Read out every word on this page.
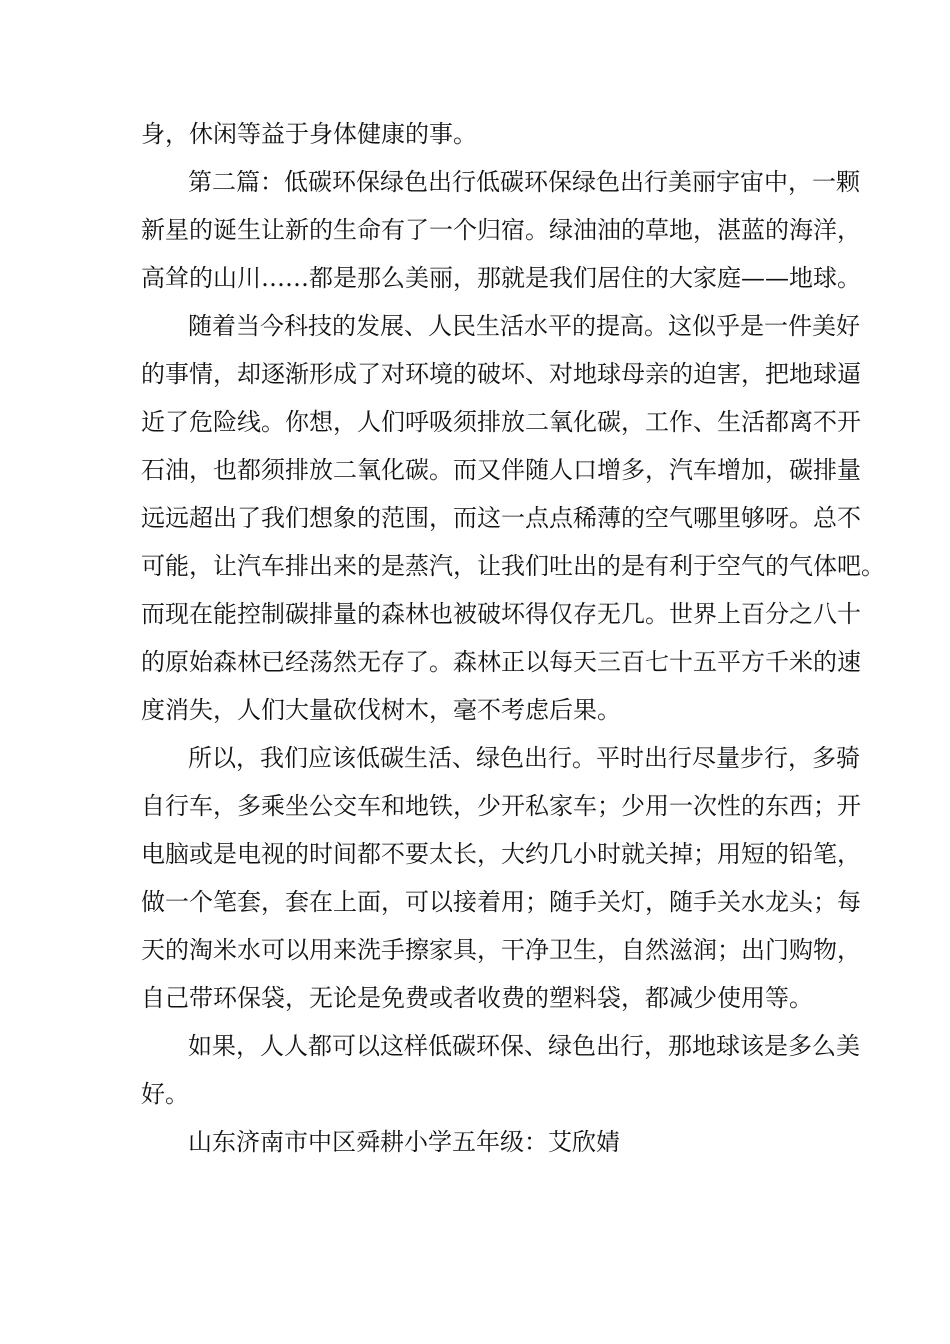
身，休闲等益于身体健康的事。
第二篇：低碳环保绿色出行低碳环保绿色出行美丽宇宙中，一颗
新星的诞生让新的生命有了一个归宿。绿油油的草地，湛蓝的海洋，
高耸的山川……都是那么美丽，那就是我们居住的大家庭——地球。
随着当今科技的发展、人民生活水平的提高。这似乎是一件美好
的事情，却逐渐形成了对环境的破坏、对地球母亲的迫害，把地球逼
近了危险线。你想，人们呼吸须排放二氧化碳，工作、生活都离不开
石油，也都须排放二氧化碳。而又伴随人口增多，汽车增加，碳排量
远远超出了我们想象的范围，而这一点点稀薄的空气哪里够呀。总不
可能，让汽车排出来的是蒸汽，让我们吐出的是有利于空气的气体吧。
而现在能控制碳排量的森林也被破坏得仅存无几。世界上百分之八十
的原始森林已经荡然无存了。森林正以每天三百七十五平方千米的速
度消失，人们大量砍伐树木，毫不考虑后果。
所以，我们应该低碳生活、绿色出行。平时出行尽量步行，多骑
自行车，多乘坐公交车和地铁，少开私家车；少用一次性的东西；开
电脑或是电视的时间都不要太长，大约几小时就关掉；用短的铅笔，
做一个笔套，套在上面，可以接着用；随手关灯，随手关水龙头；每
天的淘米水可以用来洗手擦家具，干净卫生，自然滋润；出门购物，
自己带环保袋，无论是免费或者收费的塑料袋，都减少使用等。
如果，人人都可以这样低碳环保、绿色出行，那地球该是多么美
好。
山东济南市中区舜耕小学五年级：艾欣婧
